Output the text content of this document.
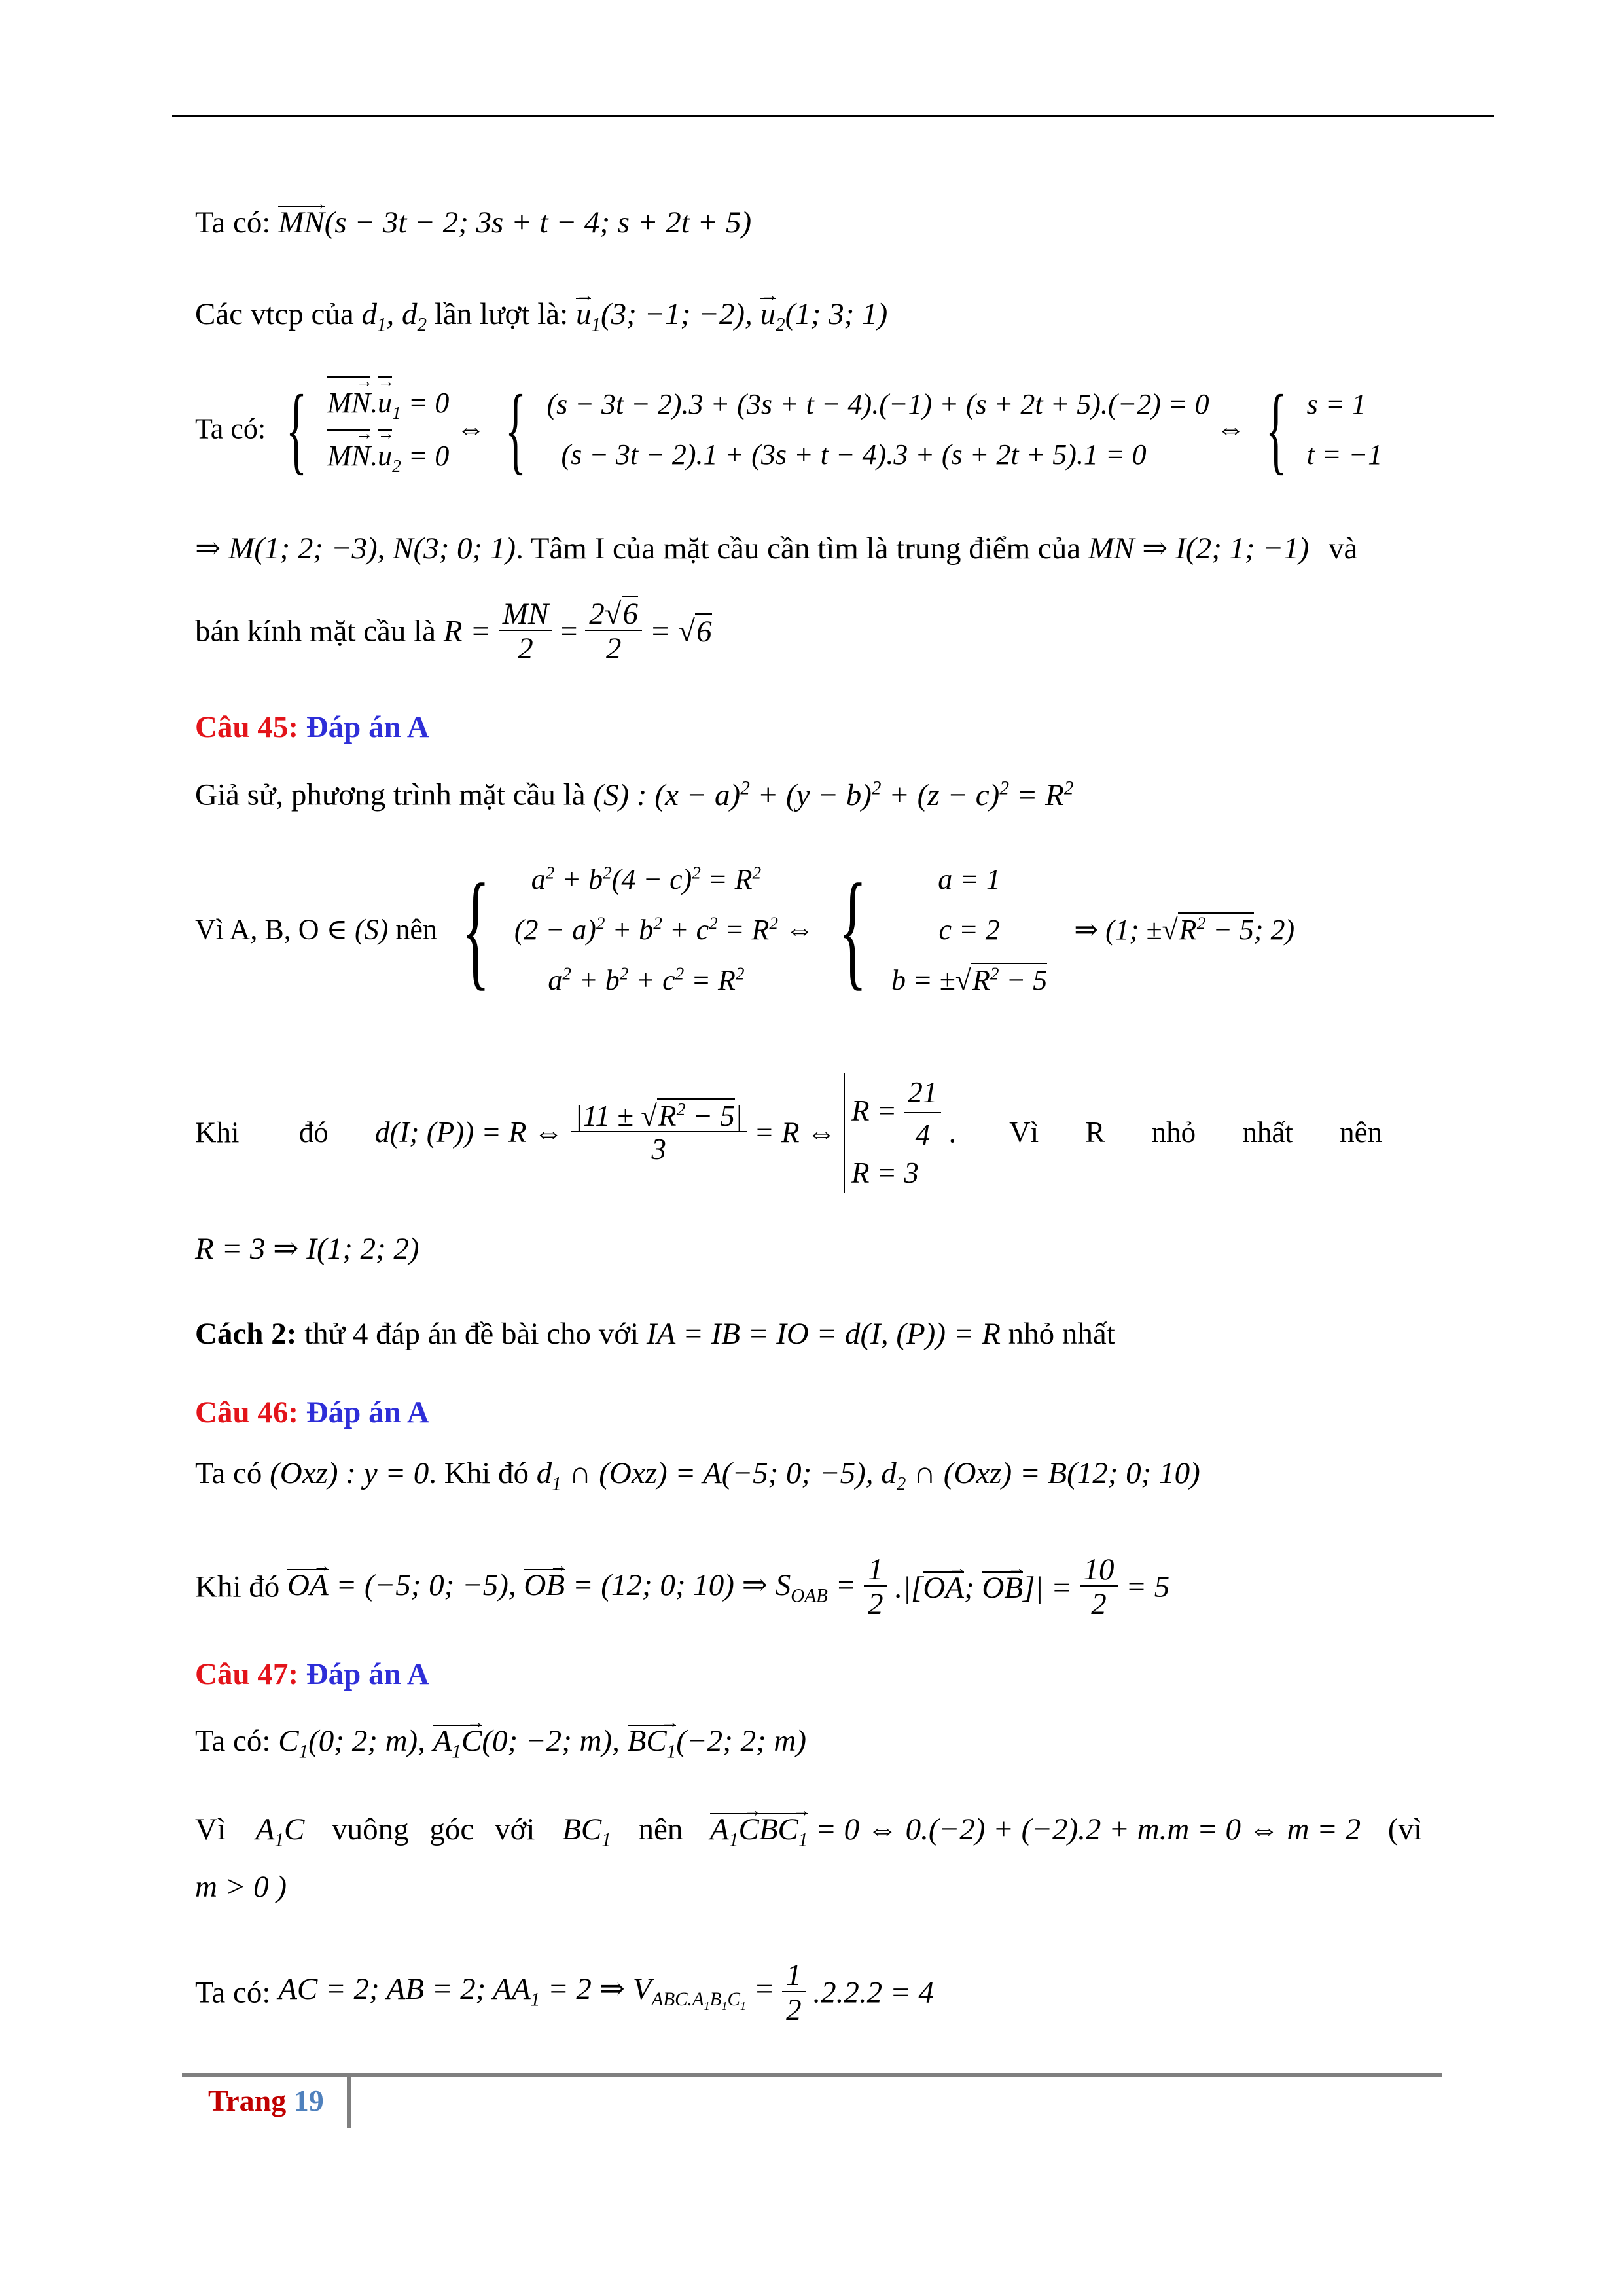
Ta có: MN →(s − 3t − 2; 3s + t − 4; s + 2t + 5)
Các vtcp của $d_1$, $d_2$ lần lượt là: $u \to_1(3$; −1; −2), $u \to_2(1$; 3; 1)
Ta có: { MN $\to.u \to_1 = 0$
MN $\to.u \to_2 = 0$ ⇔ { (s − 3t − 2).3 + (3s + t − 4).(−1) + (s + 2t + 5).(−2) = 0
(s − 3t − 2).1 + (3s + t − 4).3 + (s + 2t + 5).1 = 0 ⇔ { s = 1
t = −1
⇒ M(1; 2; −3), N(3; 0; 1). Tâm I của mặt cầu cần tìm là trung điểm của MN ⇒ I(2; 1; −1) và
bán kính mặt cầu là $R = \frac{MN}{2} = \frac{2√6}{2} = √6$
Câu 45: Đáp án A
Giả sử, phương trình mặt cầu là (S) : $(x - a)^2 + (y - b)^2 + (z - c)^2 = R^2$
Vì A, B, O ∈ (S) nên { $a^2 + b^2(4 - c)^2 = R^2$
$(2 - a)^2 + b^2 + c^2 = R^2$
$a^2 + b^2 + c^2 = R^2$ ⇔ { a = 1
c = 2
$b = \pm√R^2 - 5$ ⇒ (1; $\pm√R^2 - 5$; 2)
Khi đó d(I; (P)) = R ⇔ $\frac{|11 \pm √R^2 - 5|}{3} = R$ ⇔ $R = \frac{21}{4}$

R = 3 . Vì R nhỏ nhất nên
R = 3 ⇒ I(1; 2; 2)
Cách 2: thử 4 đáp án đề bài cho với IA = IB = IO = d(I, (P)) = R nhỏ nhất
Câu 46: Đáp án A
Ta có (Oxz) : y = 0. Khi đó $d_1$ ∩ (Oxz) = A(−5; 0; −5), $d_2$ ∩ (Oxz) = B(12; 0; 10)
Khi đó OA → = (−5; 0; −5), OB → = (12; 0; 10) ⇒ $S_{OAB} = \frac{1}{2} .|[OA$ →; OB →]| = $\frac{10}{2} = 5$
Câu 47: Đáp án A
Ta có: $C_1(0$; 2; m), $A_1C \to(0$; −2; m), $BC_1 \to(-2$; 2; m)
Vì $A_1C$ vuông góc với $BC_1$ nên $A_1C \to BC_1$ → = 0 ⇔ 0.(−2) + (−2).2 + m.m = 0 ⇔ m = 2 (vì
m > 0 )
Ta có: AC = 2; AB = 2; $AA_1 = 2$ ⇒ $V_{ABC.A_1B_1C_1} = \frac{1}{2} .2.2.2 = 4$
Trang 19
